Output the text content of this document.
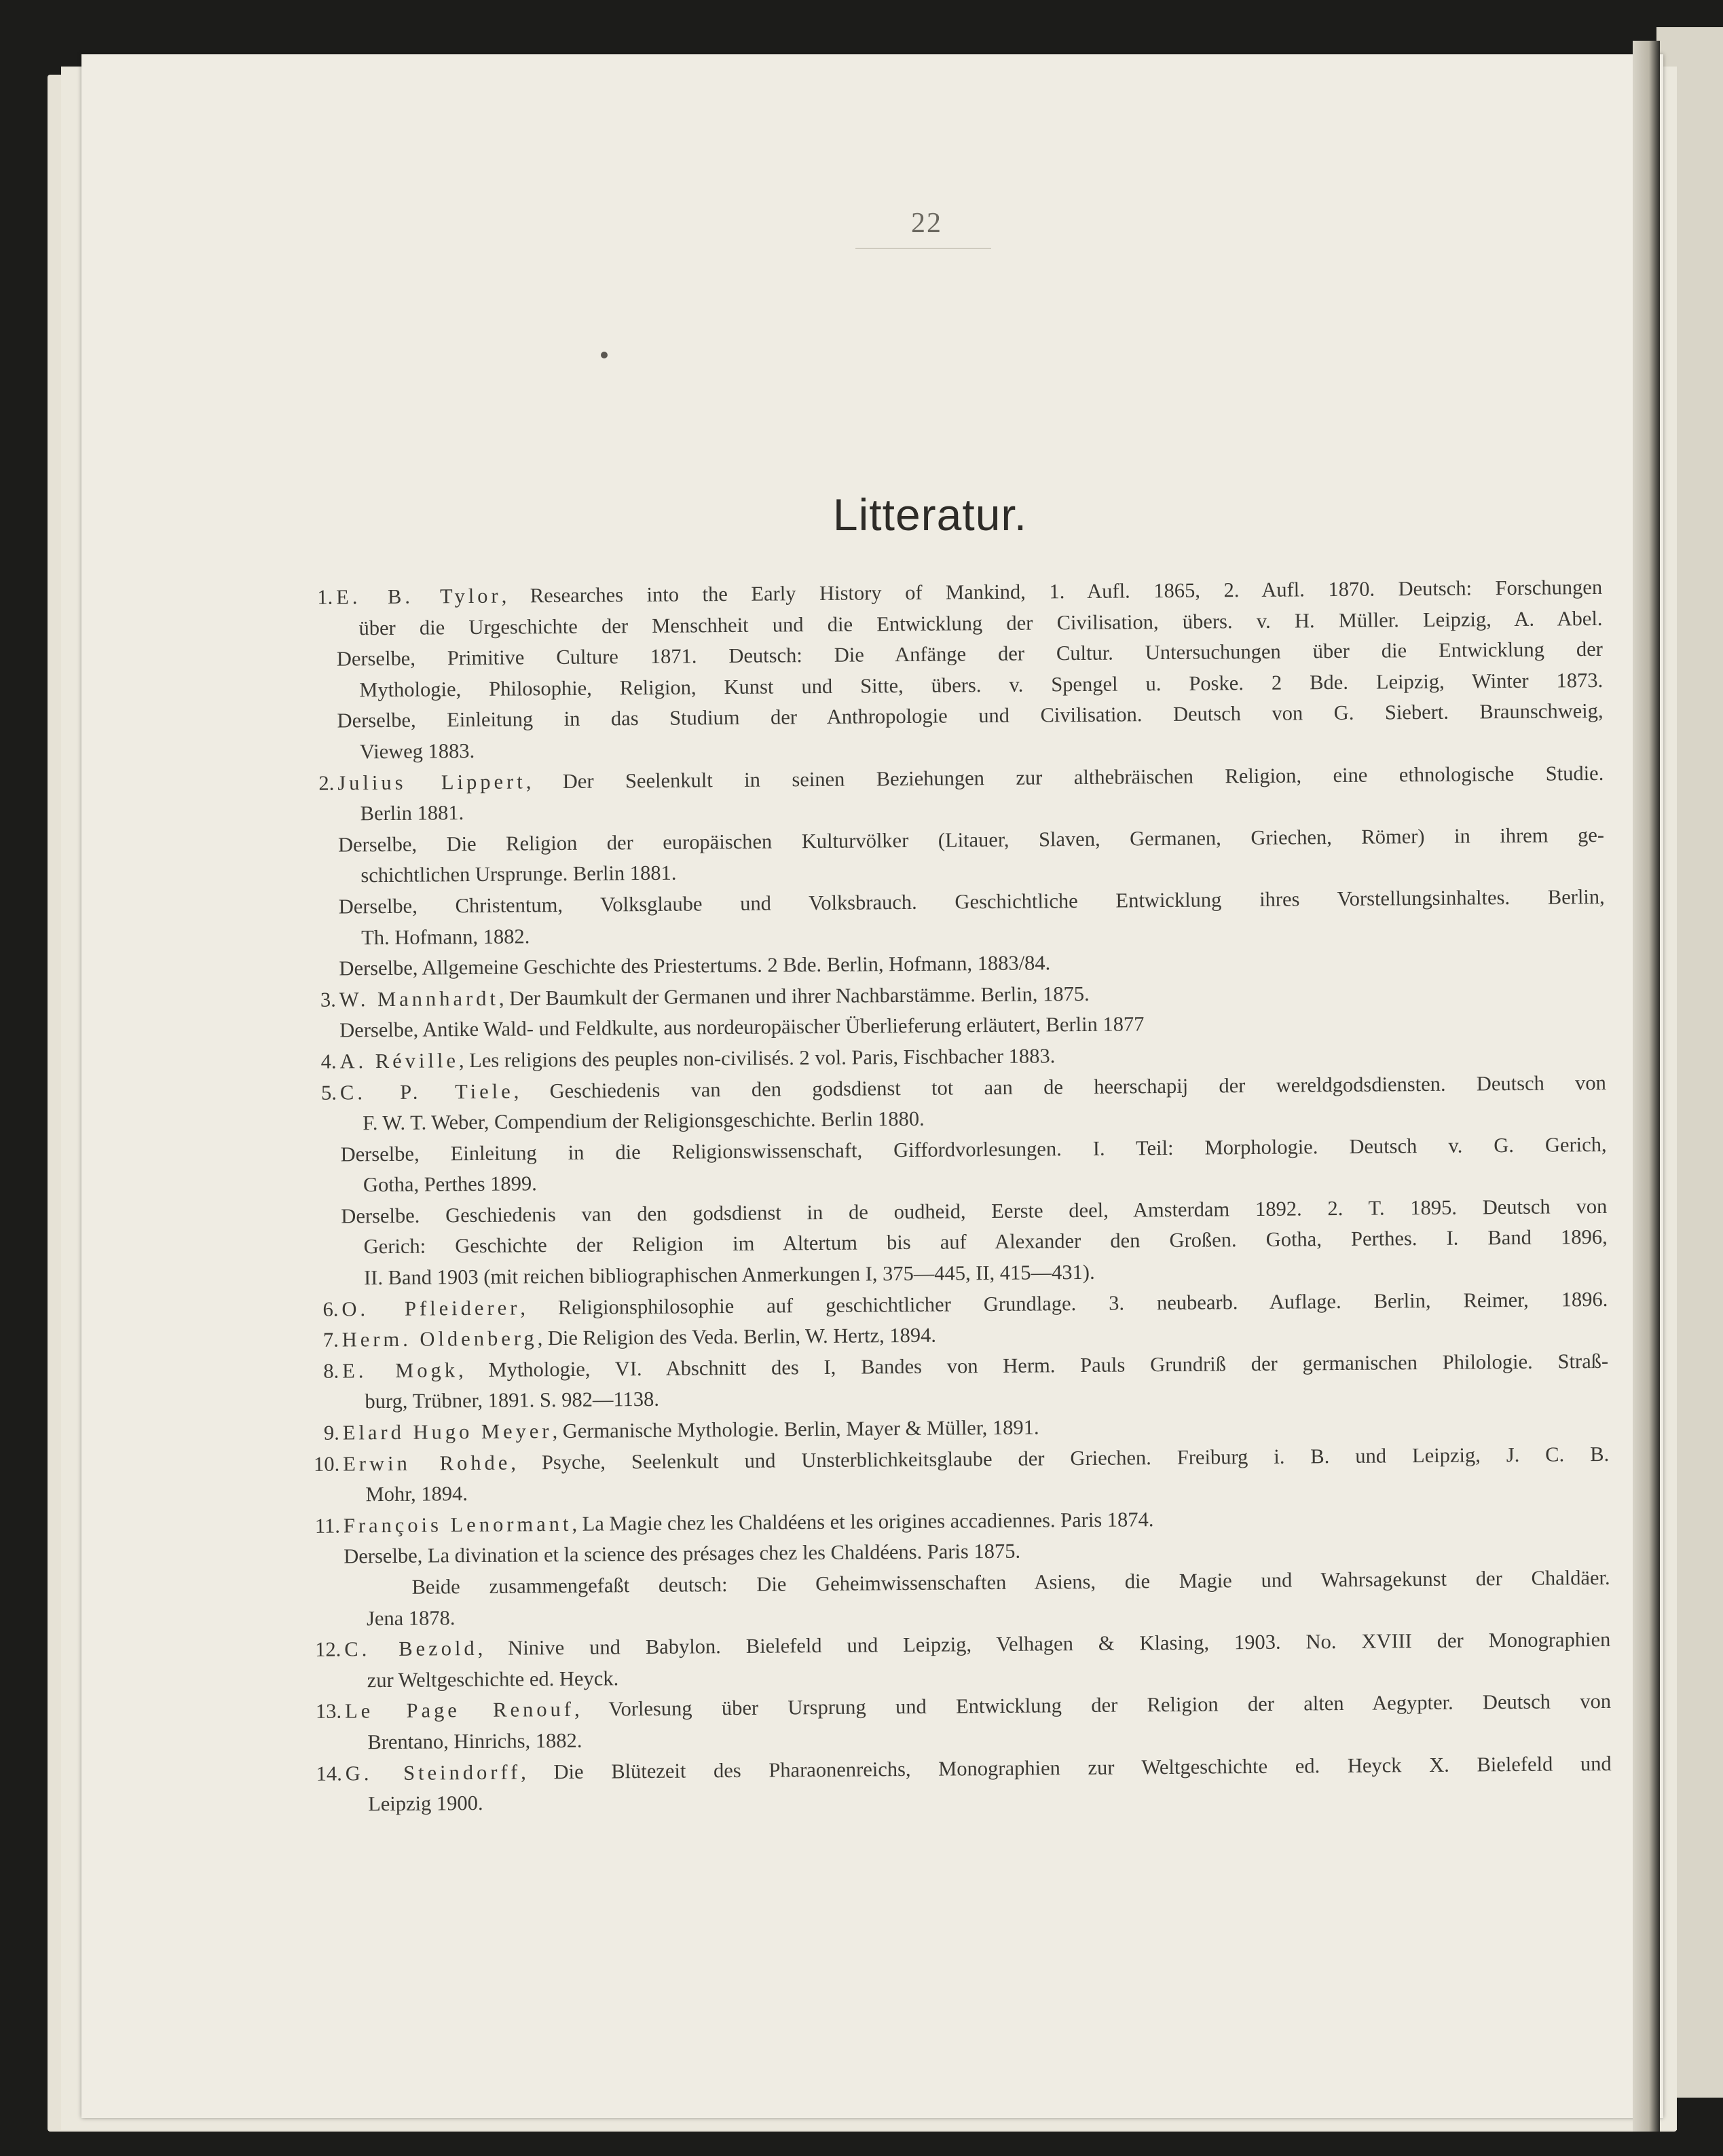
22
Litteratur.
1. E. B. Tylor, Researches into the Early History of Mankind, 1. Aufl. 1865, 2. Aufl. 1870. Deutsch: Forschungen
über die Urgeschichte der Menschheit und die Entwicklung der Civilisation, übers. v. H. Müller. Leipzig, A. Abel.
Derselbe, Primitive Culture 1871. Deutsch: Die Anfänge der Cultur. Untersuchungen über die Entwicklung der
Mythologie, Philosophie, Religion, Kunst und Sitte, übers. v. Spengel u. Poske. 2 Bde. Leipzig, Winter 1873.
Derselbe, Einleitung in das Studium der Anthropologie und Civilisation. Deutsch von G. Siebert. Braunschweig,
Vieweg 1883.
2. Julius Lippert, Der Seelenkult in seinen Beziehungen zur althebräischen Religion, eine ethnologische Studie.
Berlin 1881.
Derselbe, Die Religion der europäischen Kulturvölker (Litauer, Slaven, Germanen, Griechen, Römer) in ihrem ge-
schichtlichen Ursprunge. Berlin 1881.
Derselbe, Christentum, Volksglaube und Volksbrauch. Geschichtliche Entwicklung ihres Vorstellungsinhaltes. Berlin,
Th. Hofmann, 1882.
Derselbe, Allgemeine Geschichte des Priestertums. 2 Bde. Berlin, Hofmann, 1883/84.
3. W. Mannhardt, Der Baumkult der Germanen und ihrer Nachbarstämme. Berlin, 1875.
Derselbe, Antike Wald- und Feldkulte, aus nordeuropäischer Überlieferung erläutert, Berlin 1877
4. A. Réville, Les religions des peuples non-civilisés. 2 vol. Paris, Fischbacher 1883.
5. C. P. Tiele, Geschiedenis van den godsdienst tot aan de heerschapij der wereldgodsdiensten. Deutsch von
F. W. T. Weber, Compendium der Religionsgeschichte. Berlin 1880.
Derselbe, Einleitung in die Religionswissenschaft, Giffordvorlesungen. I. Teil: Morphologie. Deutsch v. G. Gerich,
Gotha, Perthes 1899.
Derselbe. Geschiedenis van den godsdienst in de oudheid, Eerste deel, Amsterdam 1892. 2. T. 1895. Deutsch von
Gerich: Geschichte der Religion im Altertum bis auf Alexander den Großen. Gotha, Perthes. I. Band 1896,
II. Band 1903 (mit reichen bibliographischen Anmerkungen I, 375—445, II, 415—431).
6. O. Pfleiderer, Religionsphilosophie auf geschichtlicher Grundlage. 3. neubearb. Auflage. Berlin, Reimer, 1896.
7. Herm. Oldenberg, Die Religion des Veda. Berlin, W. Hertz, 1894.
8. E. Mogk, Mythologie, VI. Abschnitt des I, Bandes von Herm. Pauls Grundriß der germanischen Philologie. Straß-
burg, Trübner, 1891. S. 982—1138.
9. Elard Hugo Meyer, Germanische Mythologie. Berlin, Mayer & Müller, 1891.
10. Erwin Rohde, Psyche, Seelenkult und Unsterblichkeitsglaube der Griechen. Freiburg i. B. und Leipzig, J. C. B.
Mohr, 1894.
11. François Lenormant, La Magie chez les Chaldéens et les origines accadiennes. Paris 1874.
Derselbe, La divination et la science des présages chez les Chaldéens. Paris 1875.
Beide zusammengefaßt deutsch: Die Geheimwissenschaften Asiens, die Magie und Wahrsagekunst der Chaldäer.
Jena 1878.
12. C. Bezold, Ninive und Babylon. Bielefeld und Leipzig, Velhagen & Klasing, 1903. No. XVIII der Monographien
zur Weltgeschichte ed. Heyck.
13. Le Page Renouf, Vorlesung über Ursprung und Entwicklung der Religion der alten Aegypter. Deutsch von
Brentano, Hinrichs, 1882.
14. G. Steindorff, Die Blütezeit des Pharaonenreichs, Monographien zur Weltgeschichte ed. Heyck X. Bielefeld und
Leipzig 1900.
